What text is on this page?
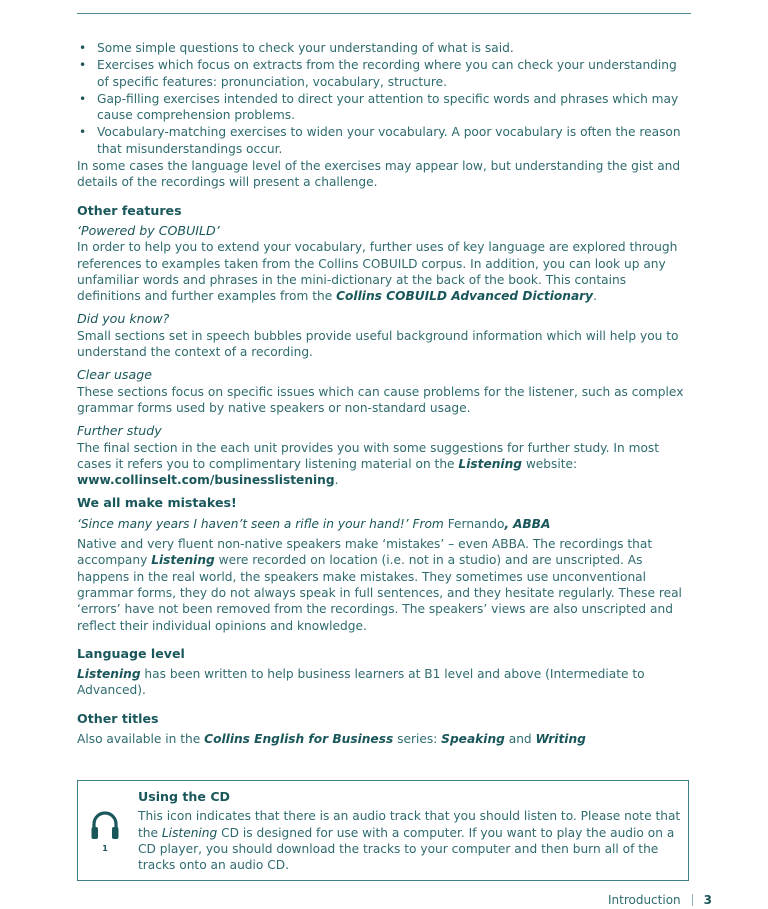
• Some simple questions to check your understanding of what is said.
• Exercises which focus on extracts from the recording where you can check your understanding of specific features: pronunciation, vocabulary, structure.
• Gap-filling exercises intended to direct your attention to specific words and phrases which may cause comprehension problems.
• Vocabulary-matching exercises to widen your vocabulary. A poor vocabulary is often the reason that misunderstandings occur.

In some cases the language level of the exercises may appear low, but understanding the gist and details of the recordings will present a challenge.

Other features
‘Powered by COBUILD’

In order to help you to extend your vocabulary, further uses of key language are explored through references to examples taken from the Collins COBUILD corpus. In addition, you can look up any unfamiliar words and phrases in the mini-dictionary at the back of the book. This contains definitions and further examples from the Collins COBUILD Advanced Dictionary.

Did you know?

Small sections set in speech bubbles provide useful background information which will help you to understand the context of a recording.

Clear usage

These sections focus on specific issues which can cause problems for the listener, such as complex grammar forms used by native speakers or non-standard usage.

Further study

The final section in the each unit provides you with some suggestions for further study. In most cases it refers you to complimentary listening material on the Listening website: www.collinselt.com/businesslistening.

We all make mistakes!

‘Since many years I haven’t seen a rifle in your hand!’ From Fernando, ABBA

Native and very fluent non-native speakers make ‘mistakes’ – even ABBA. The recordings that accompany Listening were recorded on location (i.e. not in a studio) and are unscripted. As happens in the real world, the speakers make mistakes. They sometimes use unconventional grammar forms, they do not always speak in full sentences, and they hesitate regularly. These real ‘errors’ have not been removed from the recordings. The speakers’ views are also unscripted and reflect their individual opinions and knowledge.

Language level

Listening has been written to help business learners at B1 level and above (Intermediate to Advanced).

Other titles

Also available in the Collins English for Business series: Speaking and Writing

1
Using the CD

This icon indicates that there is an audio track that you should listen to. Please note that the Listening CD is designed for use with a computer. If you want to play the audio on a CD player, you should download the tracks to your computer and then burn all of the tracks onto an audio CD.

Introduction 3
